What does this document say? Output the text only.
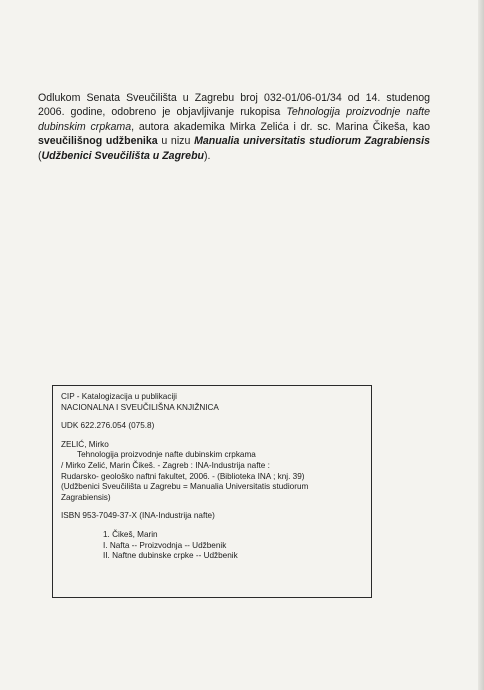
Odlukom Senata Sveučilišta u Zagrebu broj 032-01/06-01/34 od 14. studenog 2006. godine, odobreno je objavljivanje rukopisa Tehnologija proizvodnje nafte dubinskim crpkama, autora akademika Mirka Zelića i dr. sc. Marina Čikeša, kao sveučilišnog udžbenika u nizu Manualia universitatis studiorum Zagrabiensis (Udžbenici Sveučilišta u Zagrebu).

CIP - Katalogizacija u publikaciji
NACIONALNA I SVEUČILIŠNA KNJIŽNICA
UDK 622.276.054 (075.8)
ZELIĆ, Mirko
Tehnologija proizvodnje nafte dubinskim crpkama
/ Mirko Zelić, Marin Čikeš. - Zagreb : INA-Industrija nafte :
Rudarsko- geološko naftni fakultet, 2006. - (Biblioteka INA ; knj. 39)
(Udžbenici Sveučilišta u Zagrebu = Manualia Universitatis studiorum
Zagrabiensis)
ISBN 953-7049-37-X (INA-Industrija nafte)
1. Čikeš, Marin
I. Nafta -- Proizvodnja -- Udžbenik
II. Naftne dubinske crpke -- Udžbenik
